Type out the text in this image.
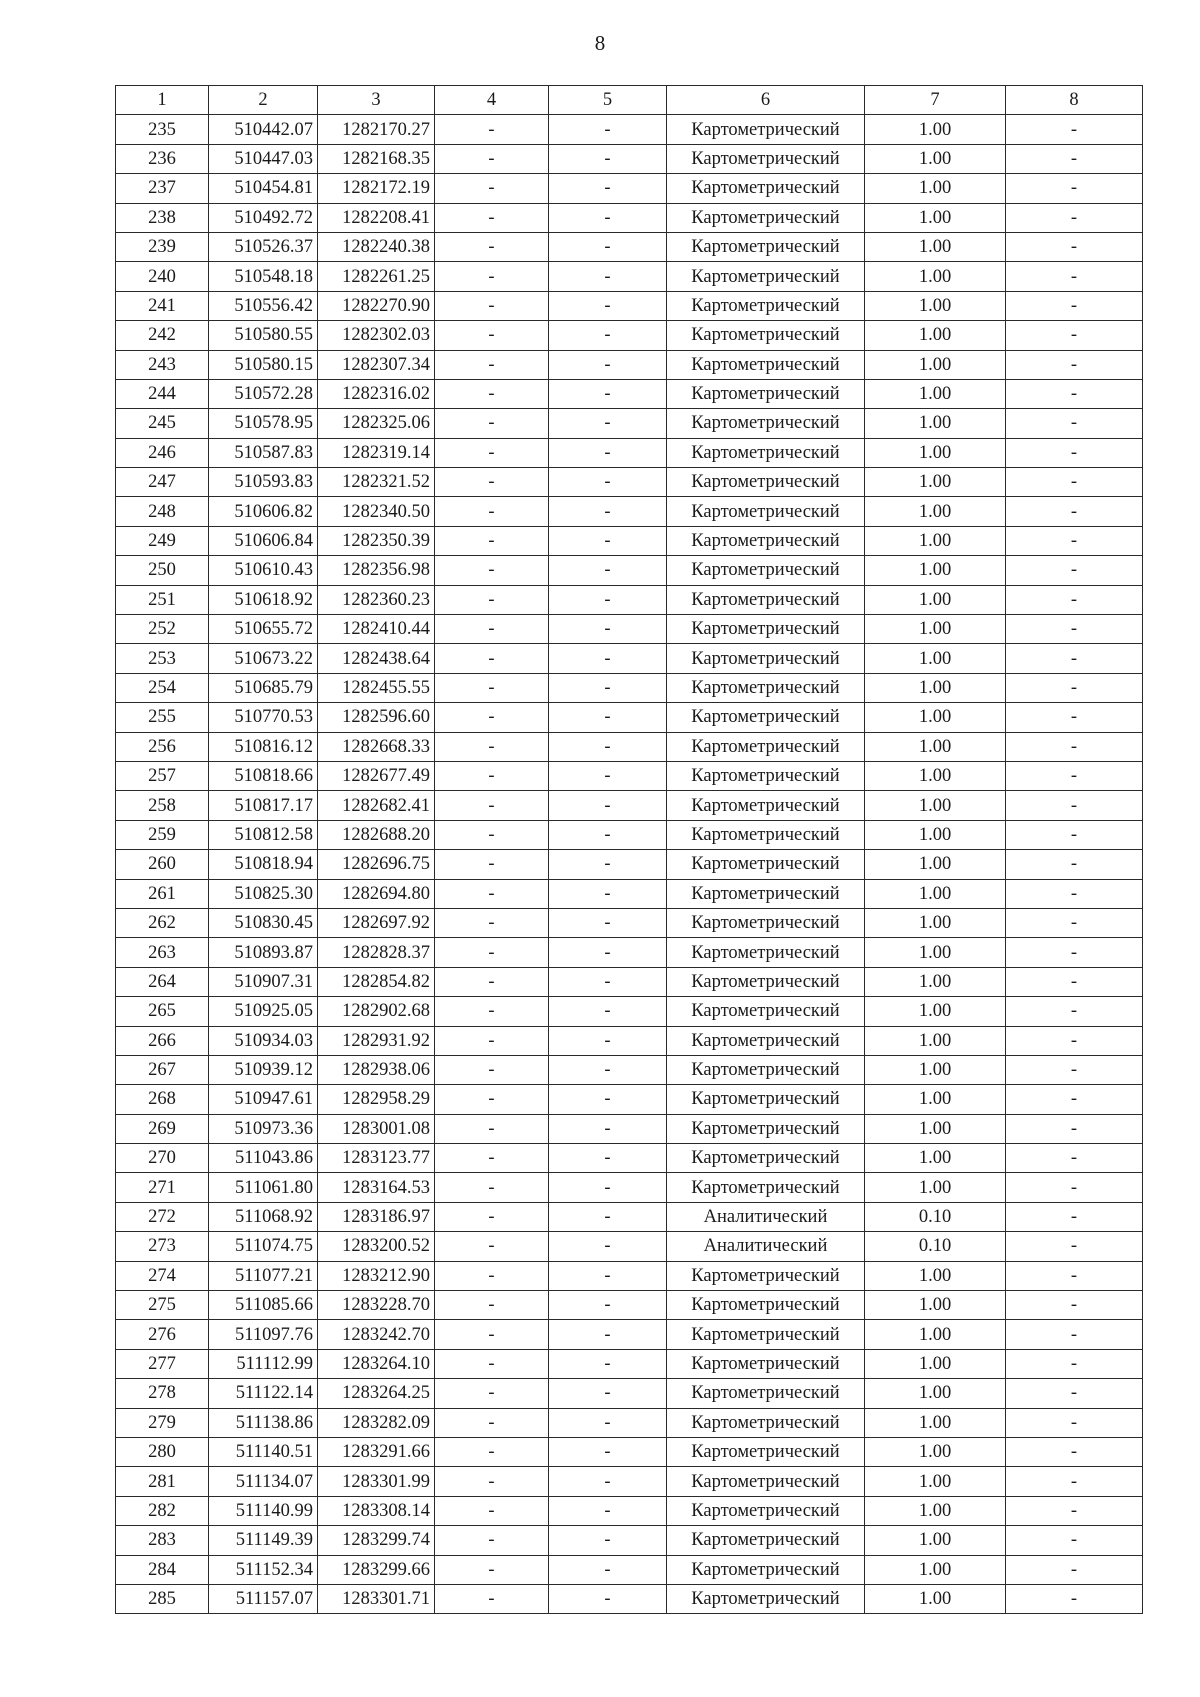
8
1	2	3	4	5	6	7	8
235	510442.07	1282170.27	-	-	Картометрический	1.00	-
236	510447.03	1282168.35	-	-	Картометрический	1.00	-
237	510454.81	1282172.19	-	-	Картометрический	1.00	-
238	510492.72	1282208.41	-	-	Картометрический	1.00	-
239	510526.37	1282240.38	-	-	Картометрический	1.00	-
240	510548.18	1282261.25	-	-	Картометрический	1.00	-
241	510556.42	1282270.90	-	-	Картометрический	1.00	-
242	510580.55	1282302.03	-	-	Картометрический	1.00	-
243	510580.15	1282307.34	-	-	Картометрический	1.00	-
244	510572.28	1282316.02	-	-	Картометрический	1.00	-
245	510578.95	1282325.06	-	-	Картометрический	1.00	-
246	510587.83	1282319.14	-	-	Картометрический	1.00	-
247	510593.83	1282321.52	-	-	Картометрический	1.00	-
248	510606.82	1282340.50	-	-	Картометрический	1.00	-
249	510606.84	1282350.39	-	-	Картометрический	1.00	-
250	510610.43	1282356.98	-	-	Картометрический	1.00	-
251	510618.92	1282360.23	-	-	Картометрический	1.00	-
252	510655.72	1282410.44	-	-	Картометрический	1.00	-
253	510673.22	1282438.64	-	-	Картометрический	1.00	-
254	510685.79	1282455.55	-	-	Картометрический	1.00	-
255	510770.53	1282596.60	-	-	Картометрический	1.00	-
256	510816.12	1282668.33	-	-	Картометрический	1.00	-
257	510818.66	1282677.49	-	-	Картометрический	1.00	-
258	510817.17	1282682.41	-	-	Картометрический	1.00	-
259	510812.58	1282688.20	-	-	Картометрический	1.00	-
260	510818.94	1282696.75	-	-	Картометрический	1.00	-
261	510825.30	1282694.80	-	-	Картометрический	1.00	-
262	510830.45	1282697.92	-	-	Картометрический	1.00	-
263	510893.87	1282828.37	-	-	Картометрический	1.00	-
264	510907.31	1282854.82	-	-	Картометрический	1.00	-
265	510925.05	1282902.68	-	-	Картометрический	1.00	-
266	510934.03	1282931.92	-	-	Картометрический	1.00	-
267	510939.12	1282938.06	-	-	Картометрический	1.00	-
268	510947.61	1282958.29	-	-	Картометрический	1.00	-
269	510973.36	1283001.08	-	-	Картометрический	1.00	-
270	511043.86	1283123.77	-	-	Картометрический	1.00	-
271	511061.80	1283164.53	-	-	Картометрический	1.00	-
272	511068.92	1283186.97	-	-	Аналитический	0.10	-
273	511074.75	1283200.52	-	-	Аналитический	0.10	-
274	511077.21	1283212.90	-	-	Картометрический	1.00	-
275	511085.66	1283228.70	-	-	Картометрический	1.00	-
276	511097.76	1283242.70	-	-	Картометрический	1.00	-
277	511112.99	1283264.10	-	-	Картометрический	1.00	-
278	511122.14	1283264.25	-	-	Картометрический	1.00	-
279	511138.86	1283282.09	-	-	Картометрический	1.00	-
280	511140.51	1283291.66	-	-	Картометрический	1.00	-
281	511134.07	1283301.99	-	-	Картометрический	1.00	-
282	511140.99	1283308.14	-	-	Картометрический	1.00	-
283	511149.39	1283299.74	-	-	Картометрический	1.00	-
284	511152.34	1283299.66	-	-	Картометрический	1.00	-
285	511157.07	1283301.71	-	-	Картометрический	1.00	-
